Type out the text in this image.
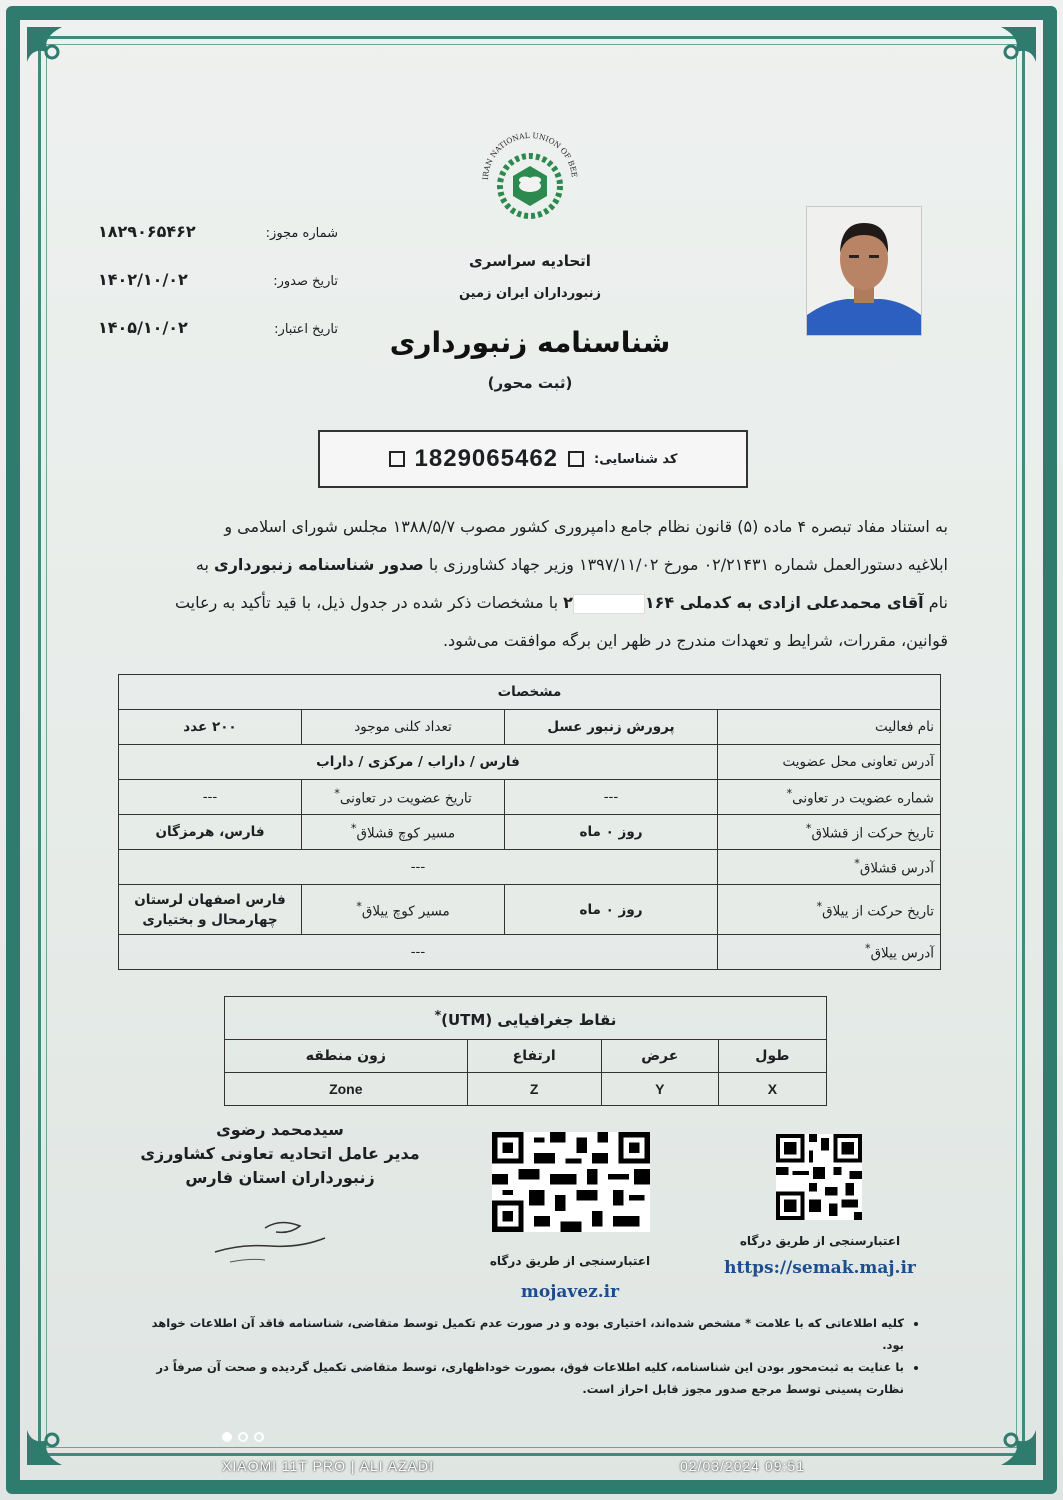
IRAN NATIONAL UNION OF BEE
اتحادیه سراسری
زنبورداران ایران زمین
شناسنامه زنبورداری
(ثبت محور)
شماره مجوز:
۱۸۲۹۰۶۵۴۶۲
تاریخ صدور:
۱۴۰۲/۱۰/۰۲
تاریخ اعتبار:
۱۴۰۵/۱۰/۰۲
کد شناسایی:
1829065462
به استناد مفاد تبصره ۴ ماده (۵) قانون نظام جامع دامپروری کشور مصوب ۱۳۸۸/۵/۷ مجلس شورای اسلامی و
ابلاغیه دستورالعمل شماره ۰۲/۲۱۴۳۱ مورخ ۱۳۹۷/۱۱/۰۲ وزیر جهاد کشاورزی با صدور شناسنامه زنبورداری به
نام آقای محمدعلی ازادی به کدملی ۱۶۴۲ با مشخصات ذکر شده در جدول ذیل، با قید تأکید به رعایت
قوانین، مقررات، شرایط و تعهدات مندرج در ظهر این برگه موافقت می‌شود.
مشخصات			
نام فعالیت	پرورش زنبور عسل	تعداد کلنی موجود	۲۰۰ عدد
آدرس تعاونی محل عضویت	فارس / داراب / مرکزی / داراب		
شماره عضویت در تعاونی*	---	تاریخ عضویت در تعاونی*	---
تاریخ حرکت از قشلاق*	روز ۰ ماه	مسیر کوچ قشلاق*	فارس، هرمزگان
آدرس قشلاق*	---		
تاریخ حرکت از ییلاق*	روز ۰ ماه	مسیر کوچ ییلاق*	فارس اصفهان لرستان
چهارمحال و بختیاری

آدرس ییلاق*	---		
نقاط جغرافیایی (UTM)*
طول	عرض	ارتفاع	زون منطقه
X	Y	Z	Zone
سیدمحمد رضوی
مدیر عامل اتحادیه تعاونی کشاورزی
زنبورداران استان فارس
اعتبارسنجی از طریق درگاه
mojavez.ir
اعتبارسنجی از طریق درگاه
https://semak.maj.ir
• کلیه اطلاعاتی که با علامت * مشخص شده‌اند، اختیاری بوده و در صورت عدم تکمیل توسط متقاضی، شناسنامه فاقد آن اطلاعات خواهد بود.
• با عنایت به ثبت‌محور بودن این شناسنامه، کلیه اطلاعات فوق، بصورت خوداظهاری، توسط متقاضی تکمیل گردیده و صحت آن صرفاً در
نظارت پسینی توسط مرجع صدور مجوز قابل احراز است.
XIAOMI 11T PRO | ALI AZADI	02/03/2024 09:51
